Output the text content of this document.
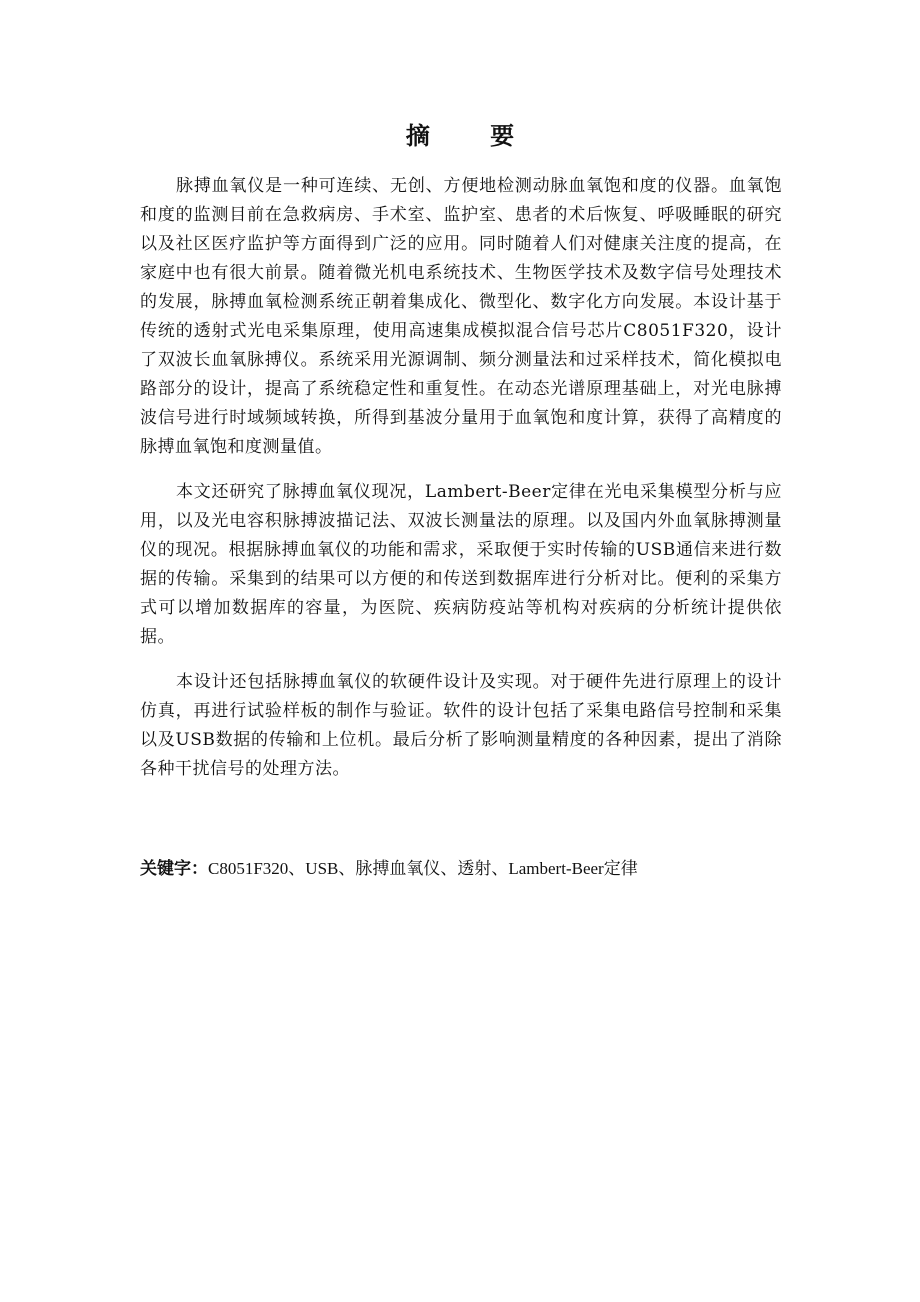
摘 要

脉搏血氧仪是一种可连续、无创、方便地检测动脉血氧饱和度的仪器。血氧饱和度的监测目前在急救病房、手术室、监护室、患者的术后恢复、呼吸睡眠的研究以及社区医疗监护等方面得到广泛的应用。同时随着人们对健康关注度的提高，在家庭中也有很大前景。随着微光机电系统技术、生物医学技术及数字信号处理技术的发展，脉搏血氧检测系统正朝着集成化、微型化、数字化方向发展。本设计基于传统的透射式光电采集原理，使用高速集成模拟混合信号芯片C8051F320，设计了双波长血氧脉搏仪。系统采用光源调制、频分测量法和过采样技术，简化模拟电路部分的设计，提高了系统稳定性和重复性。在动态光谱原理基础上，对光电脉搏波信号进行时域频域转换，所得到基波分量用于血氧饱和度计算，获得了高精度的脉搏血氧饱和度测量值。

本文还研究了脉搏血氧仪现况，Lambert-Beer定律在光电采集模型分析与应用，以及光电容积脉搏波描记法、双波长测量法的原理。以及国内外血氧脉搏测量仪的现况。根据脉搏血氧仪的功能和需求，采取便于实时传输的USB通信来进行数据的传输。采集到的结果可以方便的和传送到数据库进行分析对比。便利的采集方式可以增加数据库的容量，为医院、疾病防疫站等机构对疾病的分析统计提供依据。

本设计还包括脉搏血氧仪的软硬件设计及实现。对于硬件先进行原理上的设计仿真，再进行试验样板的制作与验证。软件的设计包括了采集电路信号控制和采集以及USB数据的传输和上位机。最后分析了影响测量精度的各种因素，提出了消除各种干扰信号的处理方法。

关键字：C8051F320、USB、脉搏血氧仪、透射、Lambert-Beer定律
